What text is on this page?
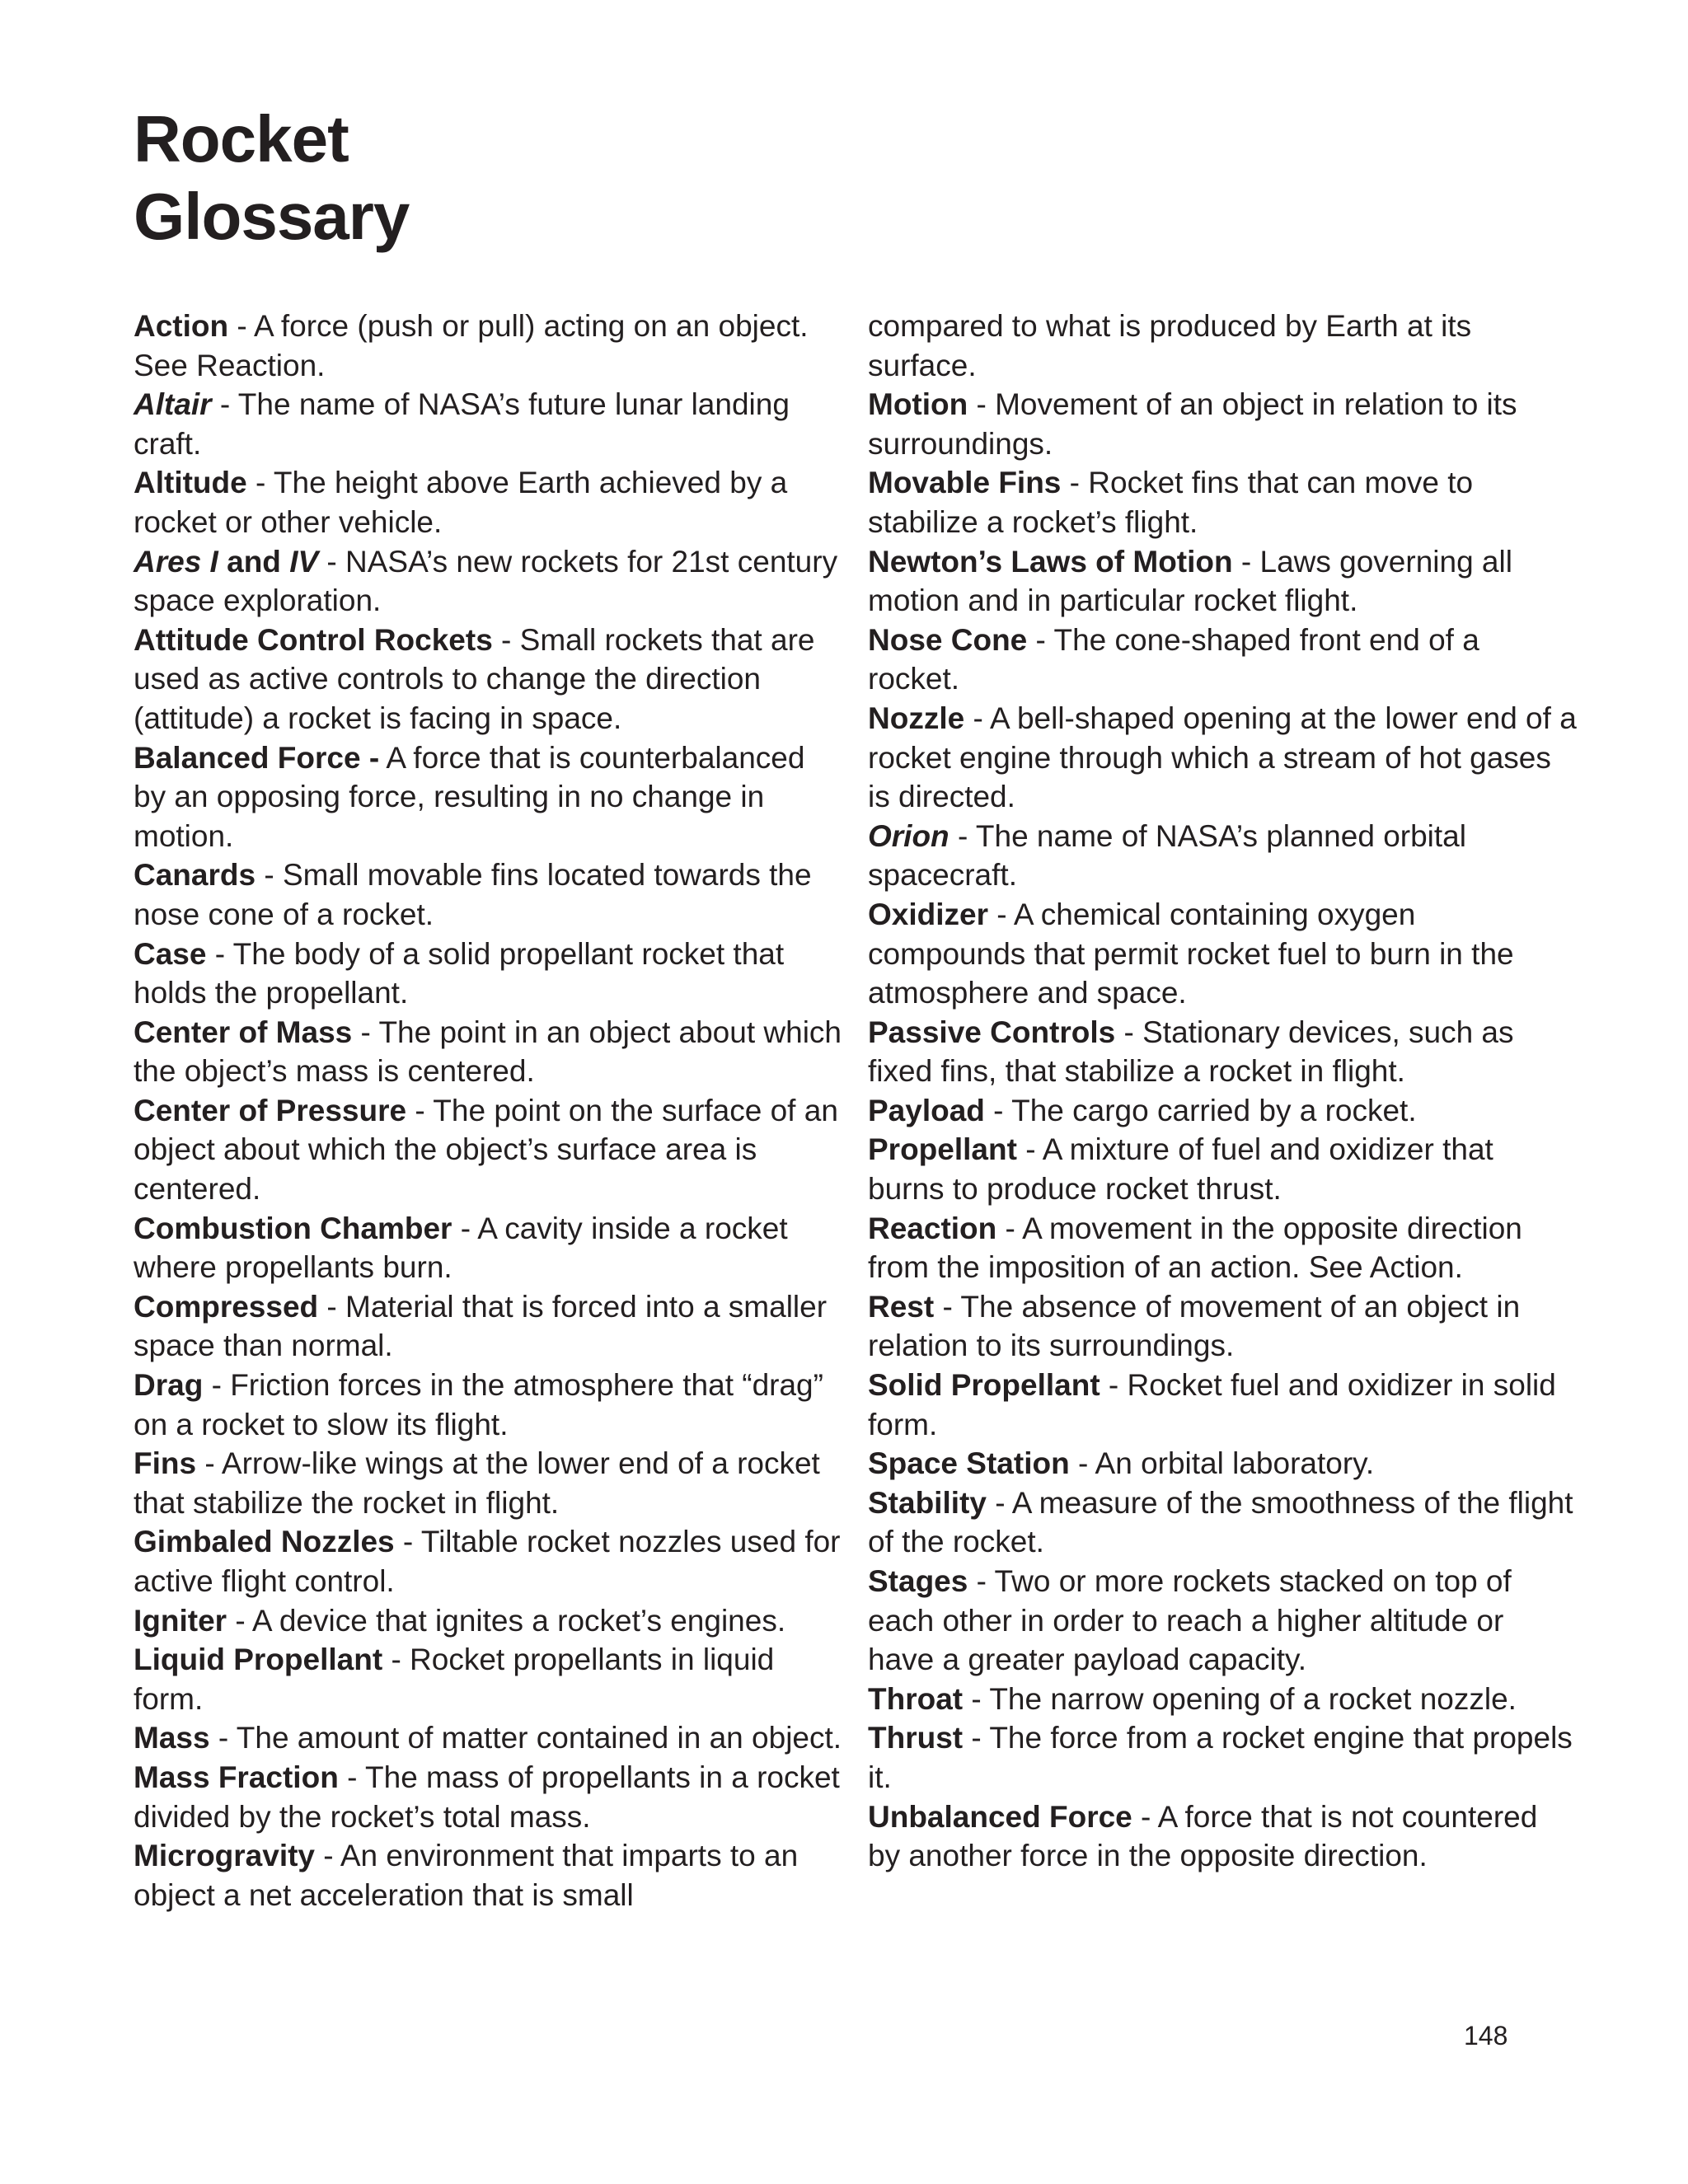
Rocket
Glossary

Action - A force (push or pull) acting on an object. See Reaction.

Altair - The name of NASA’s future lunar landing craft.

Altitude - The height above Earth achieved by a rocket or other vehicle.

Ares I and IV - NASA’s new rockets for 21st century space exploration.

Attitude Control Rockets - Small rockets that are used as active controls to change the direction (attitude) a rocket is facing in space.

Balanced Force - A force that is counterbalanced by an opposing force, resulting in no change in motion.

Canards - Small movable fins located towards the nose cone of a rocket.

Case - The body of a solid propellant rocket that holds the propellant.

Center of Mass - The point in an object about which the object’s mass is centered.

Center of Pressure - The point on the surface of an object about which the object’s surface area is centered.

Combustion Chamber - A cavity inside a rocket where propellants burn.

Compressed - Material that is forced into a smaller space than normal.

Drag - Friction forces in the atmosphere that “drag” on a rocket to slow its flight.

Fins - Arrow-like wings at the lower end of a rocket that stabilize the rocket in flight.

Gimbaled Nozzles - Tiltable rocket nozzles used for active flight control.

Igniter - A device that ignites a rocket’s engines.

Liquid Propellant - Rocket propellants in liquid form.

Mass - The amount of matter contained in an object.

Mass Fraction - The mass of propellants in a rocket divided by the rocket’s total mass.

Microgravity - An environment that imparts to an object a net acceleration that is small

compared to what is produced by Earth at its surface.

Motion - Movement of an object in relation to its surroundings.

Movable Fins - Rocket fins that can move to stabilize a rocket’s flight.

Newton’s Laws of Motion - Laws governing all motion and in particular rocket flight.

Nose Cone - The cone-shaped front end of a rocket.

Nozzle - A bell-shaped opening at the lower end of a rocket engine through which a stream of hot gases is directed.

Orion - The name of NASA’s planned orbital spacecraft.

Oxidizer - A chemical containing oxygen compounds that permit rocket fuel to burn in the atmosphere and space.

Passive Controls - Stationary devices, such as fixed fins, that stabilize a rocket in flight.

Payload - The cargo carried by a rocket.

Propellant - A mixture of fuel and oxidizer that burns to produce rocket thrust.

Reaction - A movement in the opposite direction from the imposition of an action. See Action.

Rest - The absence of movement of an object in relation to its surroundings.

Solid Propellant - Rocket fuel and oxidizer in solid form.

Space Station - An orbital laboratory.

Stability - A measure of the smoothness of the flight of the rocket.

Stages - Two or more rockets stacked on top of each other in order to reach a higher altitude or have a greater payload capacity.

Throat - The narrow opening of a rocket nozzle.

Thrust - The force from a rocket engine that propels it.

Unbalanced Force - A force that is not countered by another force in the opposite direction.

148
